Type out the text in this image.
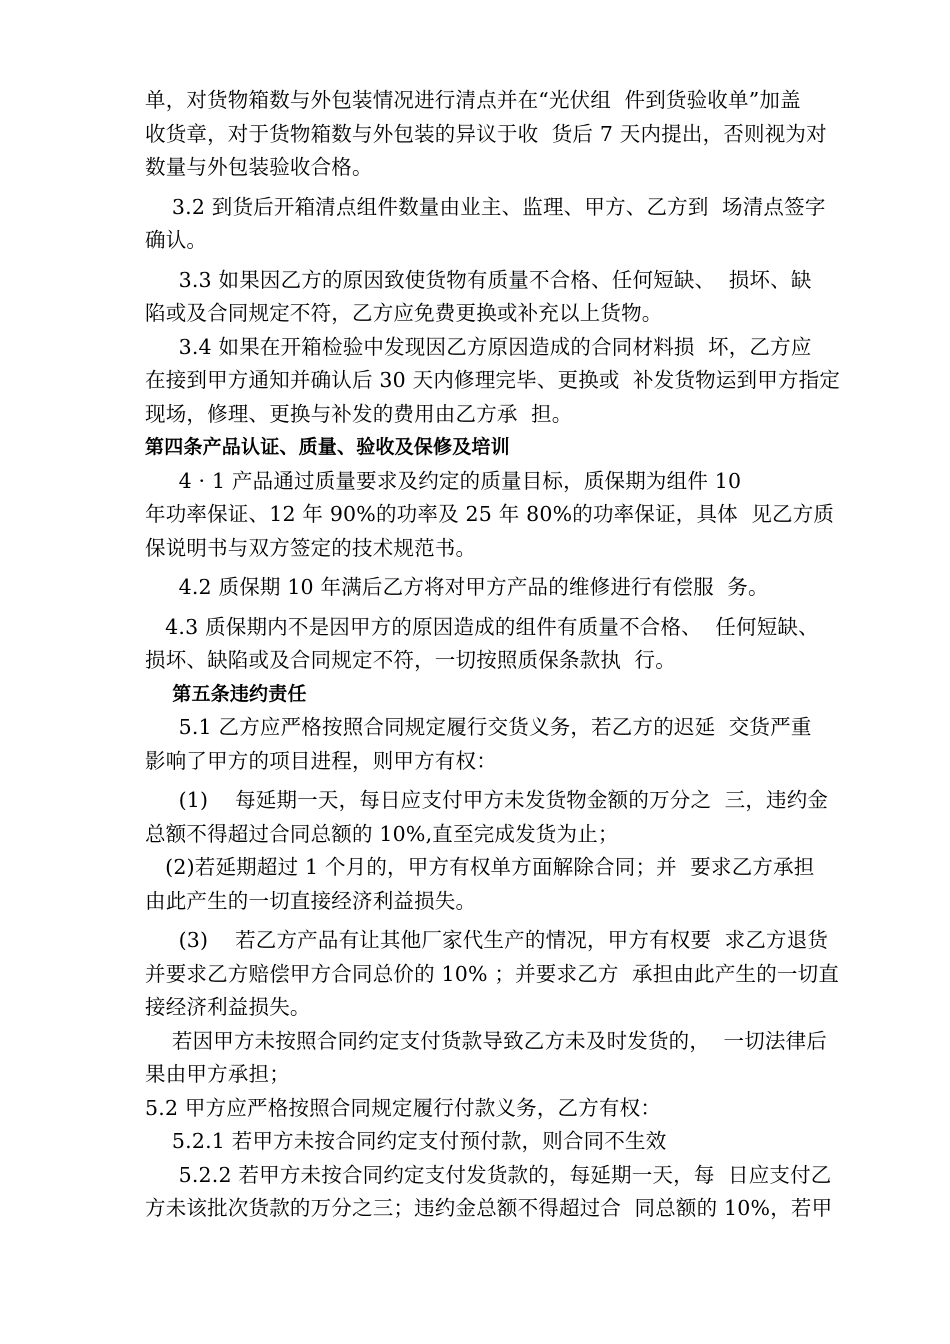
单，对货物箱数与外包装情况进行清点并在“光伏组  件到货验收单”加盖
收货章，对于货物箱数与外包装的异议于收  货后 7 天内提出，否则视为对
数量与外包装验收合格。
3.2 到货后开箱清点组件数量由业主、监理、甲方、乙方到  场清点签字
确认。
3.3 如果因乙方的原因致使货物有质量不合格、任何短缺、  损坏、缺
陷或及合同规定不符，乙方应免费更换或补充以上货物。
3.4 如果在开箱检验中发现因乙方原因造成的合同材料损  坏，乙方应
在接到甲方通知并确认后 30 天内修理完毕、更换或  补发货物运到甲方指定
现场，修理、更换与补发的费用由乙方承  担。
第四条产品认证、质量、验收及保修及培训
4 · 1 产品通过质量要求及约定的质量目标，质保期为组件 10
年功率保证、12 年 90%的功率及 25 年 80%的功率保证，具体  见乙方质
保说明书与双方签定的技术规范书。
4.2 质保期 10 年满后乙方将对甲方产品的维修进行有偿服  务。
4.3 质保期内不是因甲方的原因造成的组件有质量不合格、  任何短缺、
损坏、缺陷或及合同规定不符，一切按照质保条款执  行。
第五条违约责任
5.1 乙方应严格按照合同规定履行交货义务，若乙方的迟延  交货严重
影响了甲方的项目进程，则甲方有权：
(1)    每延期一天，每日应支付甲方未发货物金额的万分之  三，违约金
总额不得超过合同总额的 10%,直至完成发货为止；
(2)若延期超过 1 个月的，甲方有权单方面解除合同；并  要求乙方承担
由此产生的一切直接经济利益损失。
(3)    若乙方产品有让其他厂家代生产的情况，甲方有权要  求乙方退货
并要求乙方赔偿甲方合同总价的 10% ；并要求乙方  承担由此产生的一切直
接经济利益损失。
若因甲方未按照合同约定支付货款导致乙方未及时发货的，  一切法律后
果由甲方承担；
5.2 甲方应严格按照合同规定履行付款义务，乙方有权：
5.2.1 若甲方未按合同约定支付预付款，则合同不生效
5.2.2 若甲方未按合同约定支付发货款的，每延期一天，每  日应支付乙
方未该批次货款的万分之三；违约金总额不得超过合  同总额的 10%，若甲
